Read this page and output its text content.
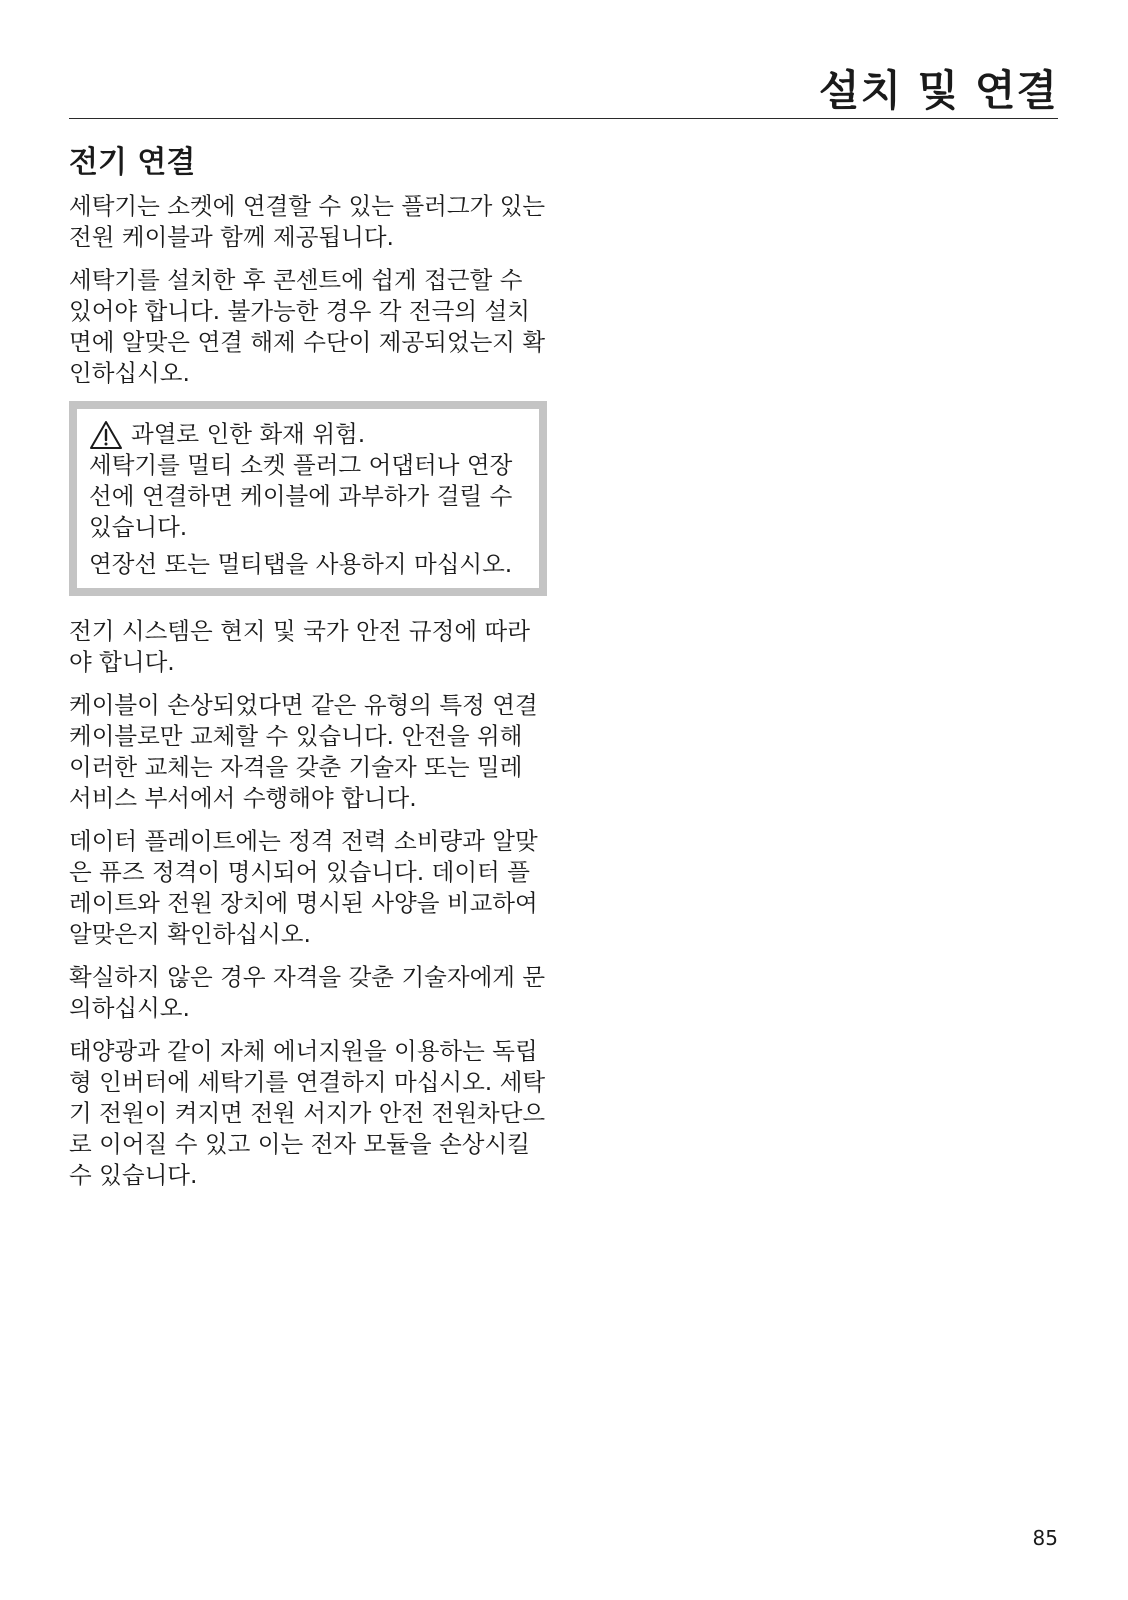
설치 및 연결
전기 연결

세탁기는 소켓에 연결할 수 있는 플러그가 있는 전원 케이블과 함께 제공됩니다.

세탁기를 설치한 후 콘센트에 쉽게 접근할 수 있어야 합니다. 불가능한 경우 각 전극의 설치면에 알맞은 연결 해제 수단이 제공되었는지 확인하십시오.

과열로 인한 화재 위험.

세탁기를 멀티 소켓 플러그 어댑터나 연장선에 연결하면 케이블에 과부하가 걸릴 수 있습니다.

연장선 또는 멀티탭을 사용하지 마십시오.

전기 시스템은 현지 및 국가 안전 규정에 따라야 합니다.

케이블이 손상되었다면 같은 유형의 특정 연결 케이블로만 교체할 수 있습니다. 안전을 위해 이러한 교체는 자격을 갖춘 기술자 또는 밀레 서비스 부서에서 수행해야 합니다.

데이터 플레이트에는 정격 전력 소비량과 알맞은 퓨즈 정격이 명시되어 있습니다. 데이터 플레이트와 전원 장치에 명시된 사양을 비교하여 알맞은지 확인하십시오.

확실하지 않은 경우 자격을 갖춘 기술자에게 문의하십시오.

태양광과 같이 자체 에너지원을 이용하는 독립형 인버터에 세탁기를 연결하지 마십시오. 세탁기 전원이 켜지면 전원 서지가 안전 전원차단으로 이어질 수 있고 이는 전자 모듈을 손상시킬 수 있습니다.

85
